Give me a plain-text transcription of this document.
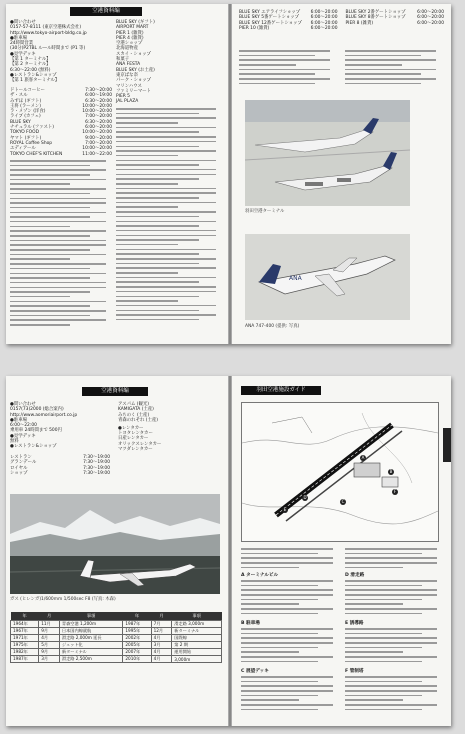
空港資料編
●問い合わせ
0157-57-8111 (東京空港株式会社)
http://www.tokyo-airport-bldg.co.jp
●駐車場
24時間営業
(30分)P2TBL ル—ル時間まで (P1 等)
●見学デッキ
【第 1 ターミナル】
【第 2 ターミナル】
6:30〜22:00 (無料)
●レストラン&ショップ
【第 1 旅客ターミナル】
ドトールコーヒー	7:30〜20:00
ザ・スル	6:00〜19:00
みずほ (ギフト)	6:30〜20:00
王将 (ラーメン)	10:00〜20:00
ラ・メゾン (洋食)	10:00〜20:00
ライブ (カフェ)	7:00〜20:00
BLUE SKY	6:30〜20:00
ナチュラル (ファスト)	6:00〜20:00
TOKYO FOOD	10:00〜20:00
ヤマト (ギフト)	9:00〜20:00
ROYAL Coffee Shop	7:00〜20:00
エディアール	10:00〜20:00
TOKYO CHEF'S KITCHEN	11:00〜22:00
BLUE SKY (ギフト)
AIRPORT MART
PIER 1 (雑貨)
PIER 4 (雑貨)
空港ショップ
北海道物産
スカイ・ショップ
和菓子
ANA FESTA
BLUE SKY (お土産)
東京ばな奈
パーク・ショップ
マリンハウス
ファミリーマート
PIER 5
JAL PLAZA
BLUE SKY エアライフショップ 6:00〜20:00 BLUE SKY 2番ゲートショップ	6:00〜20:00
BLUE SKY 5番ゲートショップ	6:00〜20:00 BLUE SKY 8番ゲートショップ	6:00〜20:00
BLUE SKY 12番ゲートショップ 6:00〜20:00 PIER 8 (雑貨)	6:00〜20:00
PIER 10 (雑貨)	6:00〜20:00
羽田空港ターミナル
ANA
ANA 747-400 (提供: 写真)
空港資料編
●問い合わせ
0157(73)2000 (総合案内)
http://www.aomoriairport.co.jp
●駐車場
6:00〜22:00
乗用車 24時間まで 500円
●見学デッキ
無料
●レストラン&ショップ
レストラン	7:30〜19:00
グランデール	7:30〜19:00
ロイヤル	7:30〜19:00
ショップ	7:30〜19:00
アスパム (観光)
KAMIGATA (土産)
みちのく (土産)
青森のれそれ (土産)
●レンタカー
トヨタレンタカー
日産レンタカー
オリックスレンタカー
マツダレンタカー
ガス (ヒレンガ)1/600mm 1/500sec F8 (写真: 木森)
年	月	事項	年	月	事項
1964年	11月	青森空港 1,200m	1987年	7月	滑走路 3,000m
1967年	9月	日本国内線就航	1995年	12月	新ターミナル
1971年	4月	滑走路 2,000m 延長	2002年	4月	国際線
1975年	5月	ジェット化	2005年	3月	第 2 期
1982年	9月	新ターミナル	2007年	4月	運用開始
1987年	3月	滑走路 2,500m	2010年	4月	3,000m
羽田空港施設ガイド
A
B
C
D
E
F
A ターミナルビル
B 駐車場
C 展望デッキ
D 滑走路
E 誘導路
F 管制塔
